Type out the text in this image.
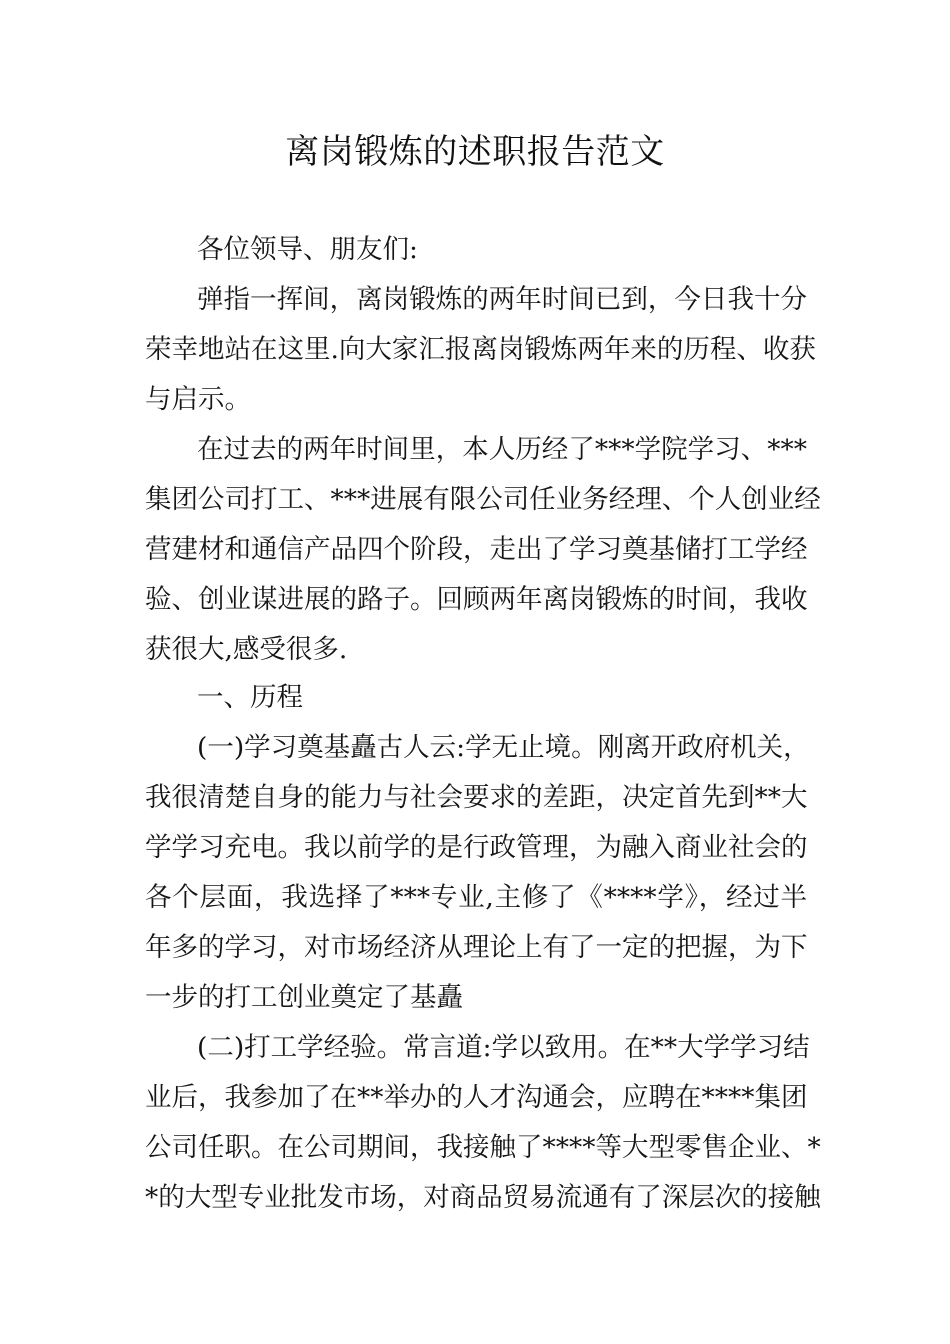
离岗锻炼的述职报告范文
各位领导、朋友们:
弹指一挥间，离岗锻炼的两年时间已到，今日我十分
荣幸地站在这里.向大家汇报离岗锻炼两年来的历程、收获
与启示。
在过去的两年时间里，本人历经了***学院学习、***
集团公司打工、***进展有限公司任业务经理、个人创业经
营建材和通信产品四个阶段，走出了学习奠基储打工学经
验、创业谋进展的路子。回顾两年离岗锻炼的时间，我收
获很大,感受很多.
一、历程
(一)学习奠基矗古人云:学无止境。刚离开政府机关，
我很清楚自身的能力与社会要求的差距，决定首先到**大
学学习充电。我以前学的是行政管理，为融入商业社会的
各个层面，我选择了***专业,主修了《****学》，经过半
年多的学习，对市场经济从理论上有了一定的把握，为下
一步的打工创业奠定了基矗
(二)打工学经验。常言道:学以致用。在**大学学习结
业后，我参加了在**举办的人才沟通会，应聘在****集团
公司任职。在公司期间，我接触了****等大型零售企业、*
*的大型专业批发市场，对商品贸易流通有了深层次的接触
